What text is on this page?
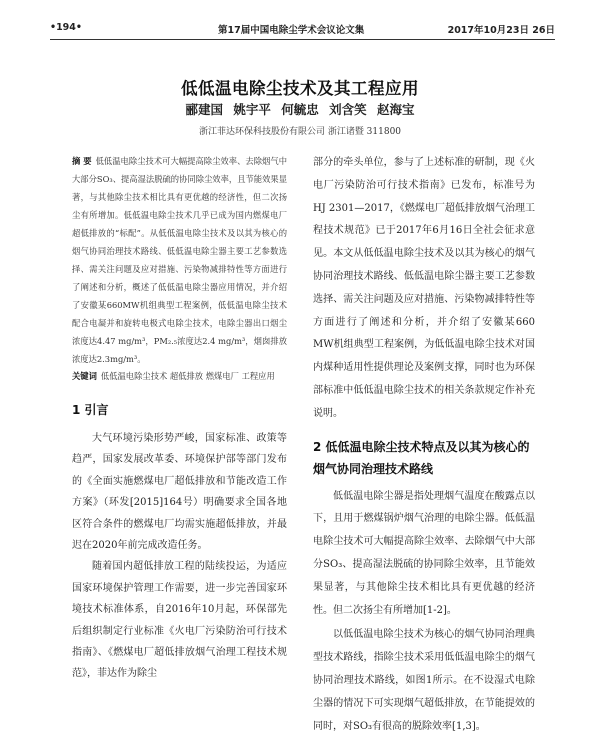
•194•	第17届中国电除尘学术会议论文集	2017年10月23日 26日
低低温电除尘技术及其工程应用
郦建国 姚宇平 何毓忠 刘含笑 赵海宝
浙江菲达环保科技股份有限公司 浙江诸暨 311800

摘 要 低低温电除尘技术可大幅提高除尘效率、去除烟气中大部分SO₃、提高湿法脱硫的协同除尘效率，且节能效果显著，与其他除尘技术相比具有更优越的经济性，但二次扬尘有所增加。低低温电除尘技术几乎已成为国内燃煤电厂超低排放的“标配”。从低低温电除尘技术及以其为核心的烟气协同治理技术路线、低低温电除尘器主要工艺参数选择、需关注问题及应对措施、污染物减排特性等方面进行了阐述和分析，概述了低低温电除尘器应用情况，并介绍了安徽某660MW机组典型工程案例，低低温电除尘技术配合电凝并和旋转电极式电除尘技术，电除尘器出口烟尘浓度达4.47 mg/m³，PM₂.₅浓度达2.4 mg/m³，烟囱排放浓度达2.3mg/m³。

关键词 低低温电除尘技术 超低排放 燃煤电厂 工程应用

1 引言

大气环境污染形势严峻，国家标准、政策等趋严，国家发展改革委、环境保护部等部门发布的《全面实施燃煤电厂超低排放和节能改造工作方案》（环发[2015]164号）明确要求全国各地区符合条件的燃煤电厂均需实施超低排放，并最迟在2020年前完成改造任务。

随着国内超低排放工程的陆续投运，为适应国家环境保护管理工作需要，进一步完善国家环境技术标准体系，自2016年10月起，环保部先后组织制定行业标准《火电厂污染防治可行技术指南》、《燃煤电厂超低排放烟气治理工程技术规范》，菲达作为除尘

部分的牵头单位，参与了上述标准的研制，现《火电厂污染防治可行技术指南》已发布，标准号为HJ 2301—2017，《燃煤电厂超低排放烟气治理工程技术规范》已于2017年6月16日全社会征求意见。本文从低低温电除尘技术及以其为核心的烟气协同治理技术路线、低低温电除尘器主要工艺参数选择、需关注问题及应对措施、污染物减排特性等方面进行了阐述和分析，并介绍了安徽某660 MW机组典型工程案例，为低低温电除尘技术对国内煤种适用性提供理论及案例支撑，同时也为环保部标准中低低温电除尘技术的相关条款规定作补充说明。

2 低低温电除尘技术特点及以其为核心的烟气协同治理技术路线

低低温电除尘器是指处理烟气温度在酸露点以下，且用于燃煤锅炉烟气治理的电除尘器。低低温电除尘技术可大幅提高除尘效率、去除烟气中大部分SO₃、提高湿法脱硫的协同除尘效率，且节能效果显著，与其他除尘技术相比具有更优越的经济性。但二次扬尘有所增加[1-2]。

以低低温电除尘技术为核心的烟气协同治理典型技术路线，指除尘技术采用低低温电除尘的烟气协同治理技术路线，如图1所示。在不设湿式电除尘器的情况下可实现烟气超低排放，在节能提效的同时，对SO₃有很高的脱除效率[1,3]。
